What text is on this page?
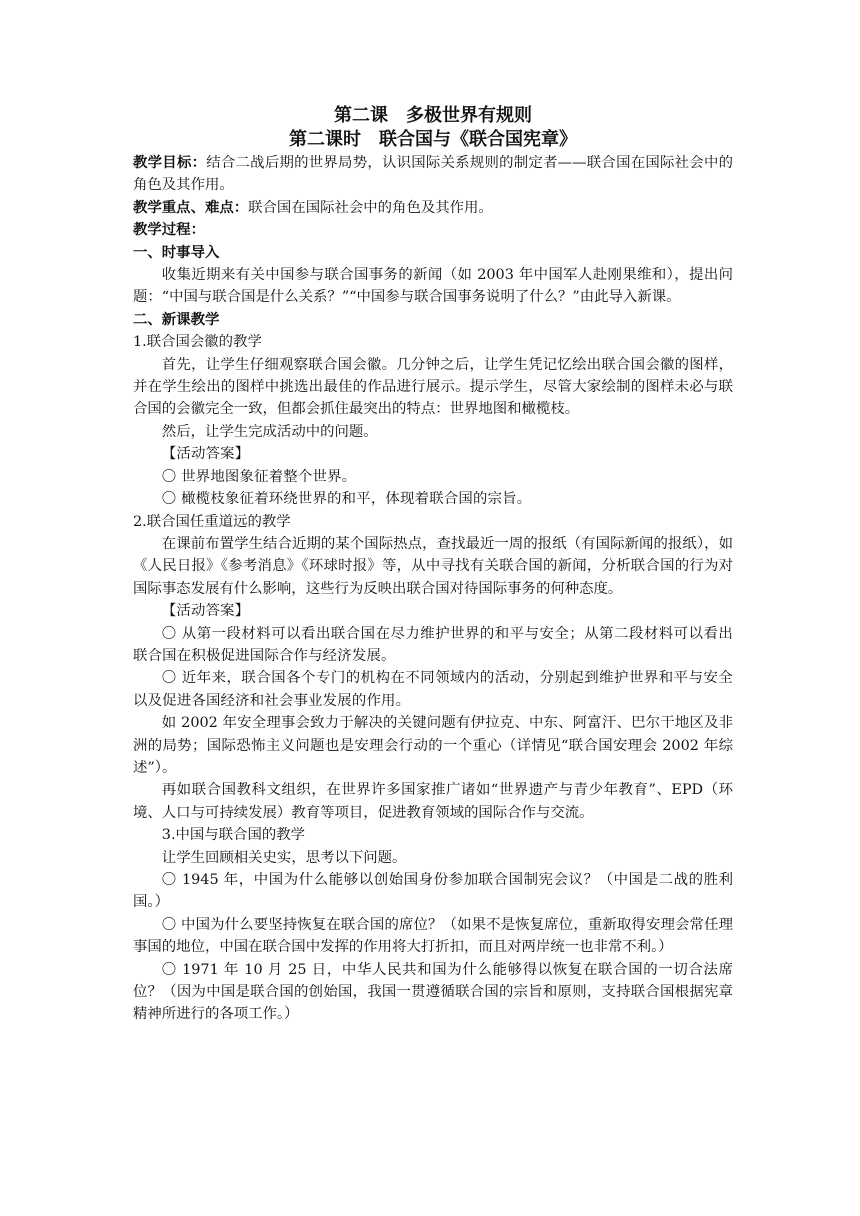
第二课　多极世界有规则
第二课时　联合国与《联合国宪章》

教学目标：结合二战后期的世界局势，认识国际关系规则的制定者——联合国在国际社会中的角色及其作用。

教学重点、难点：联合国在国际社会中的角色及其作用。

教学过程：

一、时事导入

收集近期来有关中国参与联合国事务的新闻（如 2003 年中国军人赴刚果维和），提出问题：“中国与联合国是什么关系？”“中国参与联合国事务说明了什么？”由此导入新课。

二、新课教学

1.联合国会徽的教学

首先，让学生仔细观察联合国会徽。几分钟之后，让学生凭记忆绘出联合国会徽的图样，并在学生绘出的图样中挑选出最佳的作品进行展示。提示学生，尽管大家绘制的图样未必与联合国的会徽完全一致，但都会抓住最突出的特点：世界地图和橄榄枝。

然后，让学生完成活动中的问题。

【活动答案】

〇 世界地图象征着整个世界。

〇 橄榄枝象征着环绕世界的和平，体现着联合国的宗旨。

2.联合国任重道远的教学

在课前布置学生结合近期的某个国际热点，查找最近一周的报纸（有国际新闻的报纸），如《人民日报》《参考消息》《环球时报》等，从中寻找有关联合国的新闻，分析联合国的行为对国际事态发展有什么影响，这些行为反映出联合国对待国际事务的何种态度。

【活动答案】

〇 从第一段材料可以看出联合国在尽力维护世界的和平与安全；从第二段材料可以看出联合国在积极促进国际合作与经济发展。

〇 近年来，联合国各个专门的机构在不同领域内的活动，分别起到维护世界和平与安全以及促进各国经济和社会事业发展的作用。

如 2002 年安全理事会致力于解决的关键问题有伊拉克、中东、阿富汗、巴尔干地区及非洲的局势；国际恐怖主义问题也是安理会行动的一个重心（详情见“联合国安理会 2002 年综述”）。

再如联合国教科文组织，在世界许多国家推广诸如“世界遗产与青少年教育”、EPD（环境、人口与可持续发展）教育等项目，促进教育领域的国际合作与交流。

3.中国与联合国的教学

让学生回顾相关史实，思考以下问题。

〇 1945 年，中国为什么能够以创始国身份参加联合国制宪会议？（中国是二战的胜利国。）

〇 中国为什么要坚持恢复在联合国的席位？（如果不是恢复席位，重新取得安理会常任理事国的地位，中国在联合国中发挥的作用将大打折扣，而且对两岸统一也非常不利。）

〇 1971 年 10 月 25 日，中华人民共和国为什么能够得以恢复在联合国的一切合法席位？（因为中国是联合国的创始国，我国一贯遵循联合国的宗旨和原则，支持联合国根据宪章精神所进行的各项工作。）
